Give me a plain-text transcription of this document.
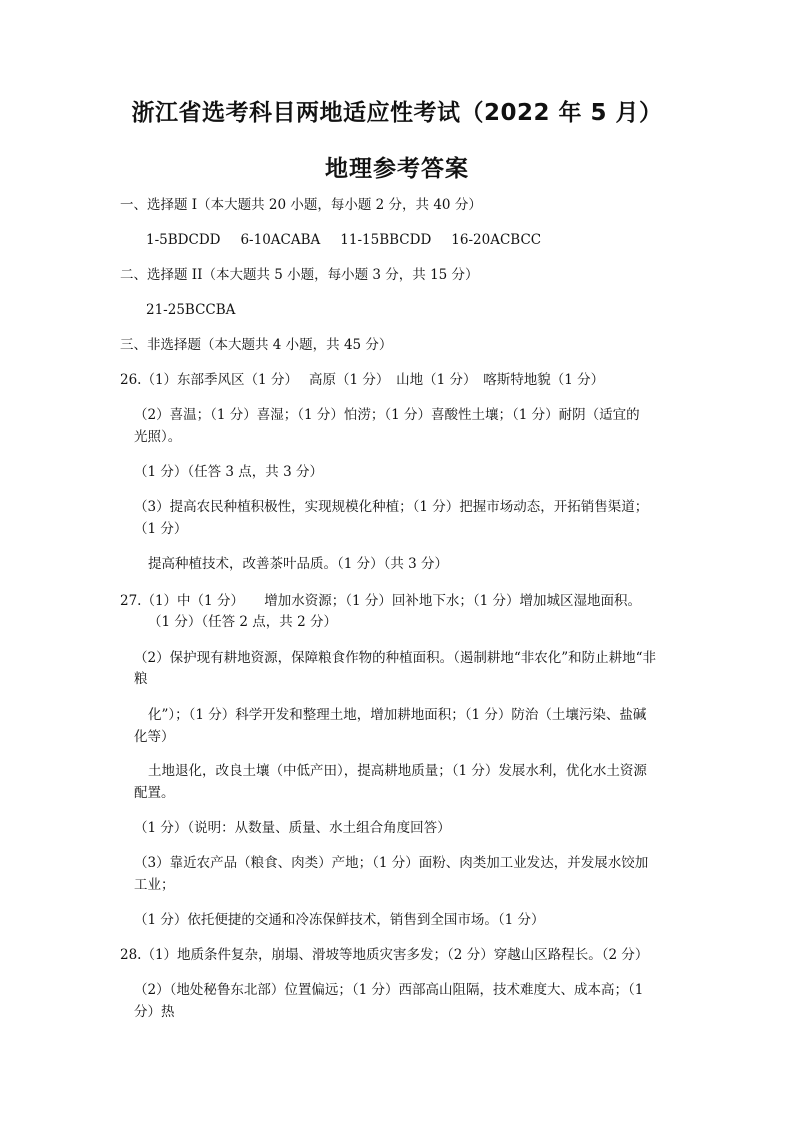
浙江省选考科目两地适应性考试（2022 年 5 月）
地理参考答案
一、选择题 I（本大题共 20 小题，每小题 2 分，共 40 分）
1-5BDCDD 6-10ACABA 11-15BBCDD 16-20ACBCC
二、选择题 II（本大题共 5 小题，每小题 3 分，共 15 分）
21-25BCCBA
三、非选择题（本大题共 4 小题，共 45 分）
26.（1）东部季风区（1 分）　 高原（1 分）　山地（1 分）　喀斯特地貌（1 分）
（2）喜温；（1 分）喜湿；（1 分）怕涝；（1 分）喜酸性土壤；（1 分）耐阴（适宜的
光照）。
（1 分）（任答 3 点，共 3 分）
（3）提高农民种植积极性，实现规模化种植；（1 分）把握市场动态，开拓销售渠道；
（1 分）
提高种植技术，改善茶叶品质。（1 分）（共 3 分）
27.（1）中（1 分）　　增加水资源；（1 分）回补地下水；（1 分）增加城区湿地面积。
（1 分）（任答 2 点，共 2 分）
（2）保护现有耕地资源，保障粮食作物的种植面积。（遏制耕地“非农化”和防止耕地“非
粮
化”）；（1 分）科学开发和整理土地，增加耕地面积；（1 分）防治（土壤污染、盐碱
化等）
土地退化，改良土壤（中低产田），提高耕地质量；（1 分）发展水利，优化水土资源
配置。
（1 分）（说明：从数量、质量、水土组合角度回答）
（3）靠近农产品（粮食、肉类）产地；（1 分）面粉、肉类加工业发达，并发展水饺加
工业；
（1 分）依托便捷的交通和冷冻保鲜技术，销售到全国市场。（1 分）
28.（1）地质条件复杂，崩塌、滑坡等地质灾害多发；（2 分）穿越山区路程长。（2 分）
（2）（地处秘鲁东北部）位置偏远；（1 分）西部高山阻隔，技术难度大、成本高；（1
分）热
